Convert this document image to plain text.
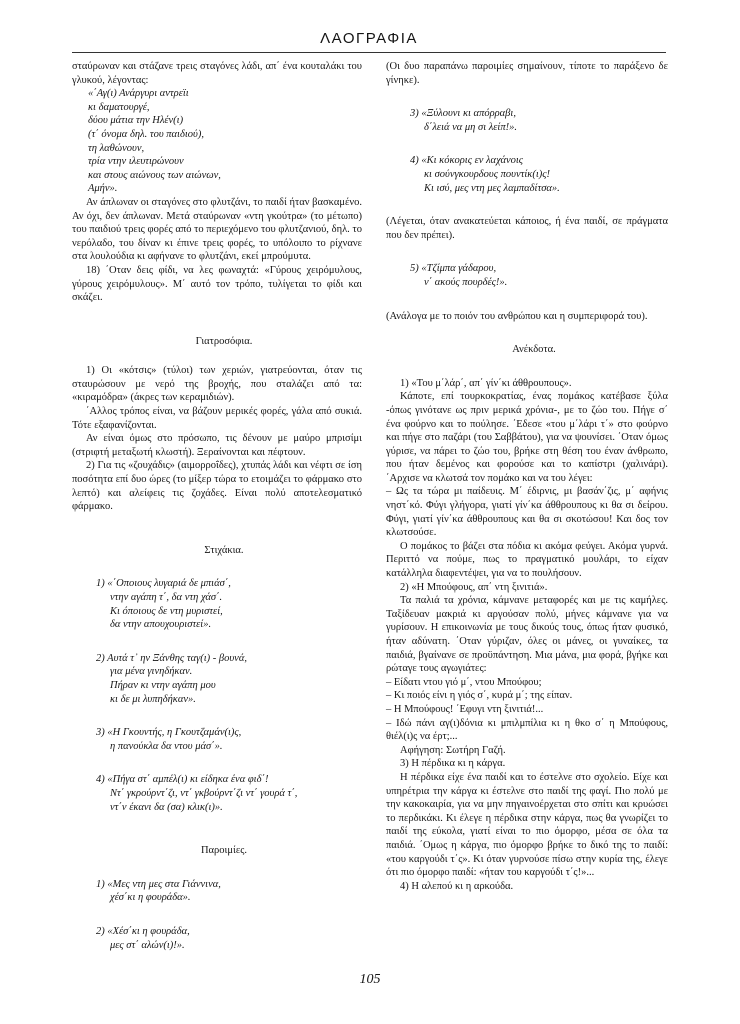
ΛΑΟΓΡΑΦΙΑ

σταύρωναν και στάζανε τρεις σταγόνες λάδι, απ΄ ένα κουταλάκι του γλυκού, λέγοντας:

«΄Αγ(ι) Ανάργυρι αντρεϊι
κι δαματουργέ,
δύου μάτια την Ηλέν(ι)
(τ΄ όνομα δηλ. του παιδιού),
τη λαθώνουν,
τρία ντην ιλευτιρώνουν
και στους αιώνους των αιώνων,
Αμήν».

Αν άπλωναν οι σταγόνες στο φλυτζάνι, το παιδί ήταν βασκαμένο. Αν όχι, δεν άπλωναν. Μετά σταύρωναν «ντη γκούτρα» (το μέτωπο) του παιδιού τρεις φορές από το περιεχόμενο του φλυτζανιού, δηλ. το νερόλαδο, του δίναν κι έπινε τρεις φορές, το υπόλοιπο το ρίχνανε στα λουλούδια κι αφήνανε το φλυτζάνι, εκεί μπρούμυτα.

18) ΄Οταν δεις φίδι, να λες φωναχτά: «Γύρους χειρόμυλους, γύρους χειρόμυλους». Μ΄ αυτό τον τρόπο, τυλίγεται το φίδι και σκάζει.

Γιατροσόφια.

1) Οι «κότσις» (τύλοι) των χεριών, γιατρεύονται, όταν τις σταυρώσουν με νερό της βροχής, που σταλάζει από τα: «κιραμόδρα» (άκρες των κεραμιδιών).

΄Αλλος τρόπος είναι, να βάζουν μερικές φορές, γάλα από συκιά. Τότε εξαφανίζονται.

Αν είναι όμως στο πρόσωπο, τις δένουν με μαύρο μπρισίμι (στριφτή μεταξωτή κλωστή). Ξεραίνονται και πέφτουν.

2) Για τις «ζουχάδις» (αιμορροΐδες), χτυπάς λάδι και νέφτι σε ίση ποσότητα επί δυο ώρες (το μίξερ τώρα το ετοιμάζει το φάρμακο στο λεπτό) και αλείφεις τις ζοχάδες. Είναι πολύ αποτελεσματικό φάρμακο.

Στιχάκια.

1) «΄Οποιους λυγαριά δε μπιάσ΄,
ντην αγάπη τ΄, δα ντη χάσ΄.
Κι όποιους δε ντη μυριστεί,
δα ντην απουχουριστεί».
2) Αυτά τ᾽ ην Ξάνθης ταγ(ι) - βουνά,
για μένα γινηδήκαν.
Πήραν κι ντην αγάπη μου
κι δε μι λυπηδήκαν».
3) «Η Γκουντής, η Γκουτζαμάν(ι)ς,
η πανούκλα δα ντου μάσ΄».
4) «Πήγα στ΄ αμπέλ(ι) κι είδηκα ένα φιδ΄!
Ντ΄ γκρούρντ΄ζι, ντ΄ γκβούρντ΄ζι ντ΄ γουρά τ΄,
ντ΄ν έκανι δα (σα) κλικ(ι)».

Παροιμίες.

1) «Μες ντη μες στα Γιάννινα,
χέσ΄κι η φουράδα».
2) «Χέσ΄κι η φουράδα,
μες στ΄ αλών(ι)!».

(Οι δυο παραπάνω παροιμίες σημαίνουν, τίποτε το παράξενο δε γίνηκε).

3) «Ξύλουνι κι απόρραβι,
δ΄λειά να μη σι λείπ!».
4) «Κι κόκορις εν λαχάνοις
κι σούνγκουρδους πουντίκ(ι)ς!
Κι ισύ, μες ντη μες λαμπαδίτσα».

(Λέγεται, όταν ανακατεύεται κάποιος, ή ένα παιδί, σε πράγματα που δεν πρέπει).

5) «Τζίμπα γάδαρου,
ν΄ ακούς πουρδές!».

(Ανάλογα με το ποιόν του ανθρώπου και η συμπεριφορά του).

Ανέκδοτα.

1) «Του μ΄λάρ΄, απ΄ γίν΄κι άθθρουπους».

Κάποτε, επί τουρκοκρατίας, ένας πομάκος κατέβασε ξύλα -όπως γινότανε ως πριν μερικά χρόνια-, με το ζώο του. Πήγε σ΄ ένα φούρνο και το πούλησε. ΄Εδεσε «του μ΄λάρι τ΄» στο φούρνο και πήγε στο παζάρι (του Σαββάτου), για να ψουνίσει. ΄Οταν όμως γύρισε, να πάρει το ζώο του, βρήκε στη θέση του έναν άνθρωπο, που ήταν δεμένος και φορούσε και το καπίστρι (χαλινάρι). ΄Αρχισε να κλωτσά τον πομάκο και να του λέγει:

– Ως τα τώρα μι παίδευις. Μ΄ έδιρνις, μι βασάν΄ζις, μ΄ αφήνις νηστ΄κό. Φύγι γλήγορα, γιατί γίν΄κα άθθρουπους κι θα σι δείρου. Φύγι, γιατί γίν΄κα άθθρουπους και θα σι σκοτώσου! Και δος τον κλωτσούσε.

Ο πομάκος το βάζει στα πόδια κι ακόμα φεύγει. Ακόμα γυρνά. Περιττό να πούμε, πως το πραγματικό μουλάρι, το είχαν κατάλληλα διαφεντέψει, για να το πουλήσουν.

2) «Η Μπούφους, απ΄ ντη ξινιτιά».

Τα παλιά τα χρόνια, κάμνανε μεταφορές και με τις καμήλες. Ταξίδευαν μακριά κι αργούσαν πολύ, μήνες κάμνανε για να γυρίσουν. Η επικοινωνία με τους δικούς τους, όπως ήταν φυσικό, ήταν αδύνατη. ΄Οταν γύριζαν, όλες οι μάνες, οι γυναίκες, τα παιδιά, βγαίνανε σε προϋπάντηση. Μια μάνα, μια φορά, βγήκε και ρώταγε τους αγωγιάτες:

– Είδατι ντου γιό μ΄, ντου Μπούφου;

– Κι ποιός είνι η γιός σ΄, κυρά μ΄; της είπαν.

– Η Μπούφους! ΄Εφυγι ντη ξινιτιά!...

– Ιδώ πάνι αγ(ι)δόνια κι μπιλμπίλια κι η θκο σ΄ η Μπούφους, θιέλ(ι)ς να έρτ;...

Αφήγηση: Σωτήρη Γαζή.

3) Η πέρδικα κι η κάργα.

Η πέρδικα είχε ένα παιδί και το έστελνε στο σχολείο. Είχε και υπηρέτρια την κάργα κι έστελνε στο παιδί της φαγί. Πιο πολύ με την κακοκαιρία, για να μην πηγαινοέρχεται στο σπίτι και κρυώσει το περδικάκι. Κι έλεγε η πέρδικα στην κάργα, πως θα γνωρίζει το παιδί της εύκολα, γιατί είναι το πιο όμορφο, μέσα σε όλα τα παιδιά. ΄Ομως η κάργα, πιο όμορφο βρήκε το δικό της το παιδί: «του καργούδι τ΄ς». Κι όταν γυρνούσε πίσω στην κυρία της, έλεγε ότι πιο όμορφο παιδί: «ήταν του καργούδι τ΄ς!»...

4) Η αλεπού κι η αρκούδα.

105
